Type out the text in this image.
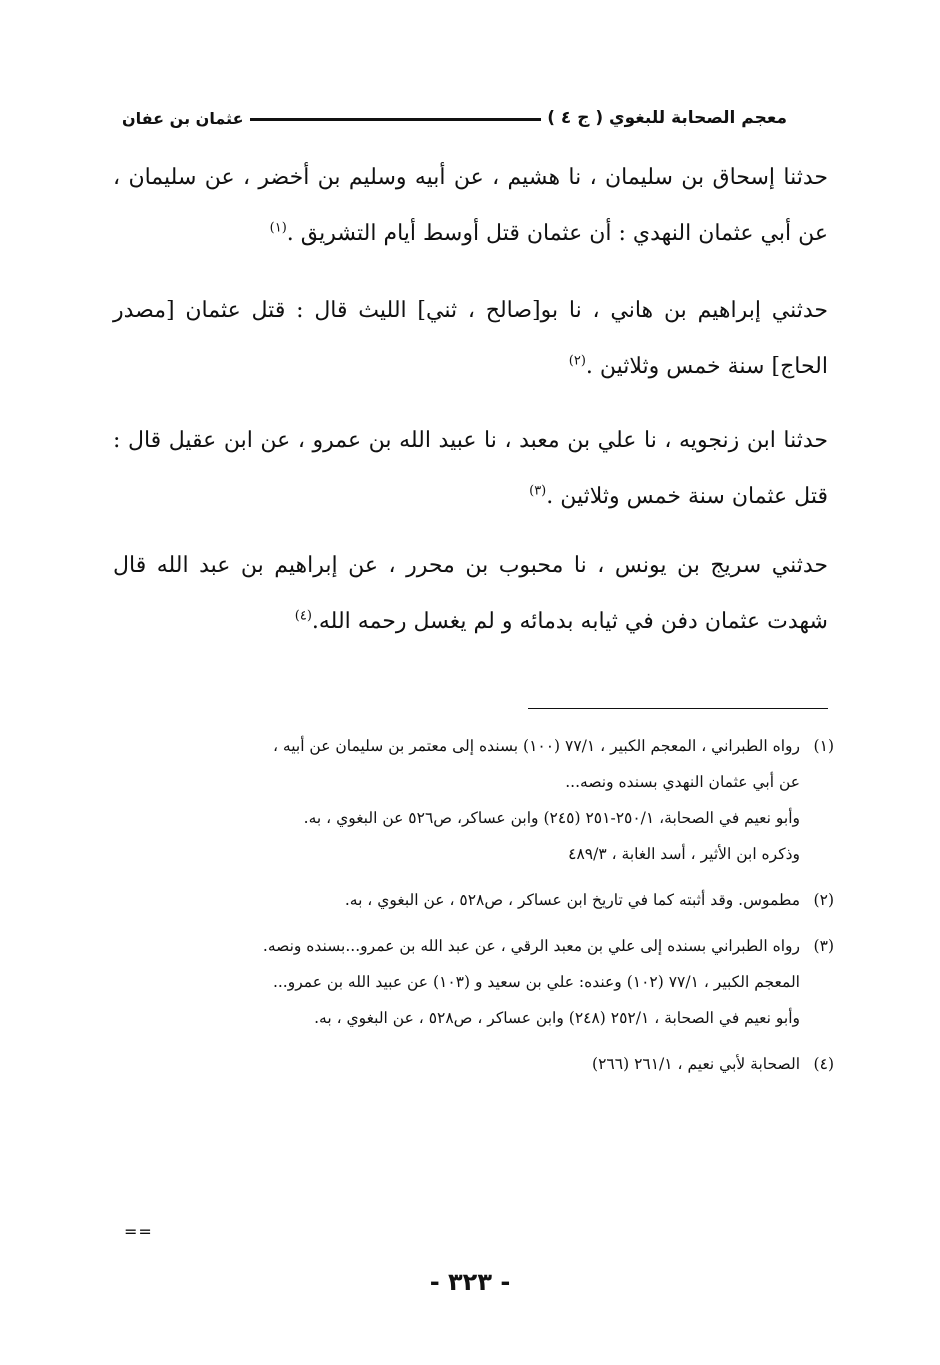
معجم الصحابة للبغوي ( ج ٤ )
عثمان بن عفان
حدثنا إسحاق بن سليمان ، نا هشيم ، عن أبيه وسليم بن أخضر ، عن سليمان ، عن أبي عثمان النهدي : أن عثمان قتل أوسط أيام التشريق .$^{(١)}$
حدثني إبراهيم بن هاني ، نا بو[صالح ، ثني] الليث قال : قتل عثمان [مصدر الحاج] سنة خمس وثلاثين .$^{(٢)}$
حدثنا ابن زنجويه ، نا علي بن معبد ، نا عبيد الله بن عمرو ، عن ابن عقيل قال : قتل عثمان سنة خمس وثلاثين .$^{(٣)}$
حدثني سريج بن يونس ، نا محبوب بن محرر ، عن إبراهيم بن عبد الله قال شهدت عثمان دفن في ثيابه بدمائه و لم يغسل رحمه الله.$^{(٤)}$
(١)
رواه الطبراني ، المعجم الكبير ، ٧٧/١ (١٠٠) بسنده إلى معتمر بن سليمان عن أبيه ،
عن أبي عثمان النهدي بسنده ونصه...
وأبو نعيم في الصحابة، ٢٥٠/١-٢٥١ (٢٤٥) وابن عساكر، ص٥٢٦ عن البغوي ، به.
وذكره ابن الأثير ، أسد الغابة ، ٤٨٩/٣
(٢)
مطموس. وقد أثبته كما في تاريخ ابن عساكر ، ص٥٢٨ ، عن البغوي ، به.
(٣)
رواه الطبراني بسنده إلى علي بن معبد الرقي ، عن عبد الله بن عمرو...بسنده ونصه.
المعجم الكبير ، ٧٧/١ (١٠٢) وعنده: علي بن سعيد و (١٠٣) عن عبيد الله بن عمرو...
وأبو نعيم في الصحابة ، ٢٥٢/١ (٢٤٨) وابن عساكر ، ص٥٢٨ ، عن البغوي ، به.
(٤)
الصحابة لأبي نعيم ، ٢٦١/١ (٢٦٦)
==
- ٣٢٣ -
